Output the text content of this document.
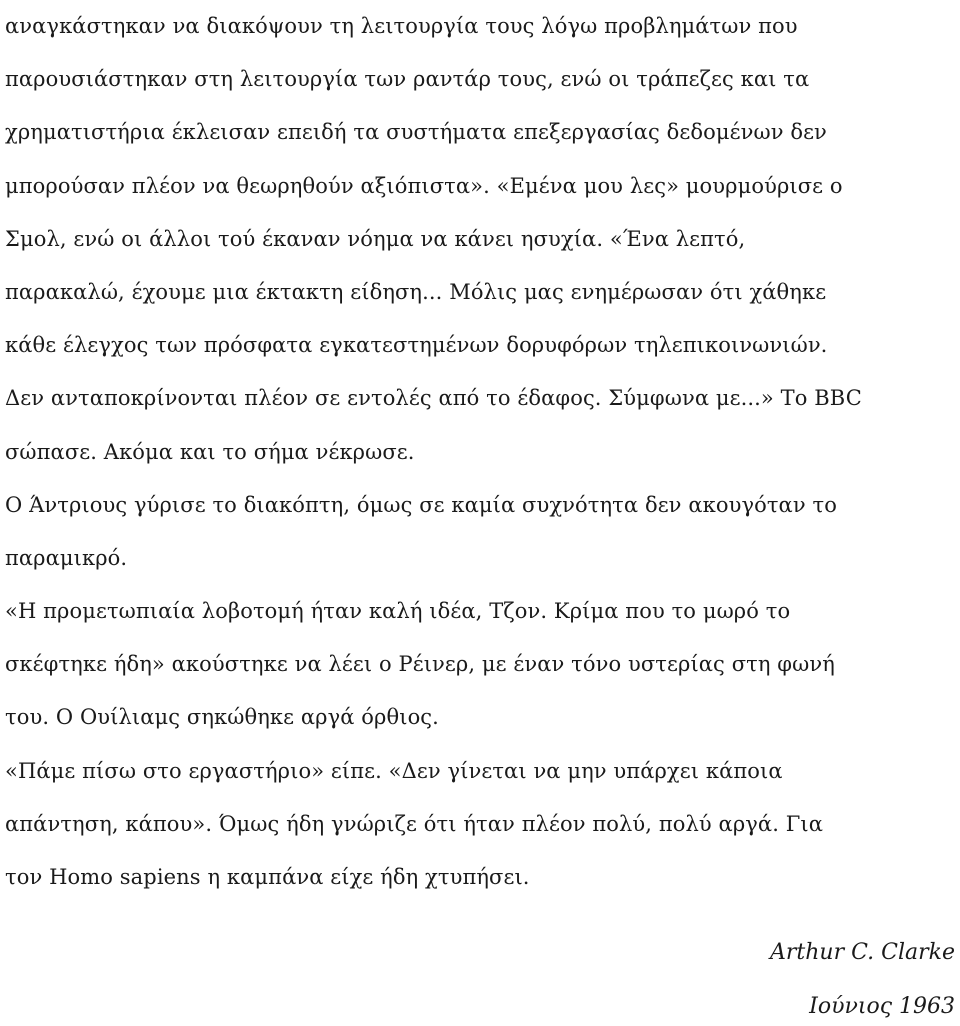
αναγκάστηκαν να διακόψουν τη λειτουργία τους λόγω προβλημάτων που
παρουσιάστηκαν στη λειτουργία των ραντάρ τους, ενώ οι τράπεζες και τα
χρηματιστήρια έκλεισαν επειδή τα συστήματα επεξεργασίας δεδομένων δεν
μπορούσαν πλέον να θεωρηθούν αξιόπιστα». «Εμένα μου λες» μουρμούρισε ο
Σμολ, ενώ οι άλλοι τού έκαναν νόημα να κάνει ησυχία. «Ένα λεπτό,
παρακαλώ, έχουμε μια έκτακτη είδηση... Μόλις μας ενημέρωσαν ότι χάθηκε
κάθε έλεγχος των πρόσφατα εγκατεστημένων δορυφόρων τηλεπικοινωνιών.
Δεν ανταποκρίνονται πλέον σε εντολές από το έδαφος. Σύμφωνα με...» Το BBC
σώπασε. Ακόμα και το σήμα νέκρωσε.
Ο Άντριους γύρισε το διακόπτη, όμως σε καμία συχνότητα δεν ακουγόταν το
παραμικρό.
«Η προμετωπιαία λοβοτομή ήταν καλή ιδέα, Τζον. Κρίμα που το μωρό το
σκέφτηκε ήδη» ακούστηκε να λέει ο Ρέινερ, με έναν τόνο υστερίας στη φωνή
του. Ο Ουίλιαμς σηκώθηκε αργά όρθιος.
«Πάμε πίσω στο εργαστήριο» είπε. «Δεν γίνεται να μην υπάρχει κάποια
απάντηση, κάπου». Όμως ήδη γνώριζε ότι ήταν πλέον πολύ, πολύ αργά. Για
τον Homo sapiens η καμπάνα είχε ήδη χτυπήσει.
Arthur C. Clarke
Ιούνιος 1963
